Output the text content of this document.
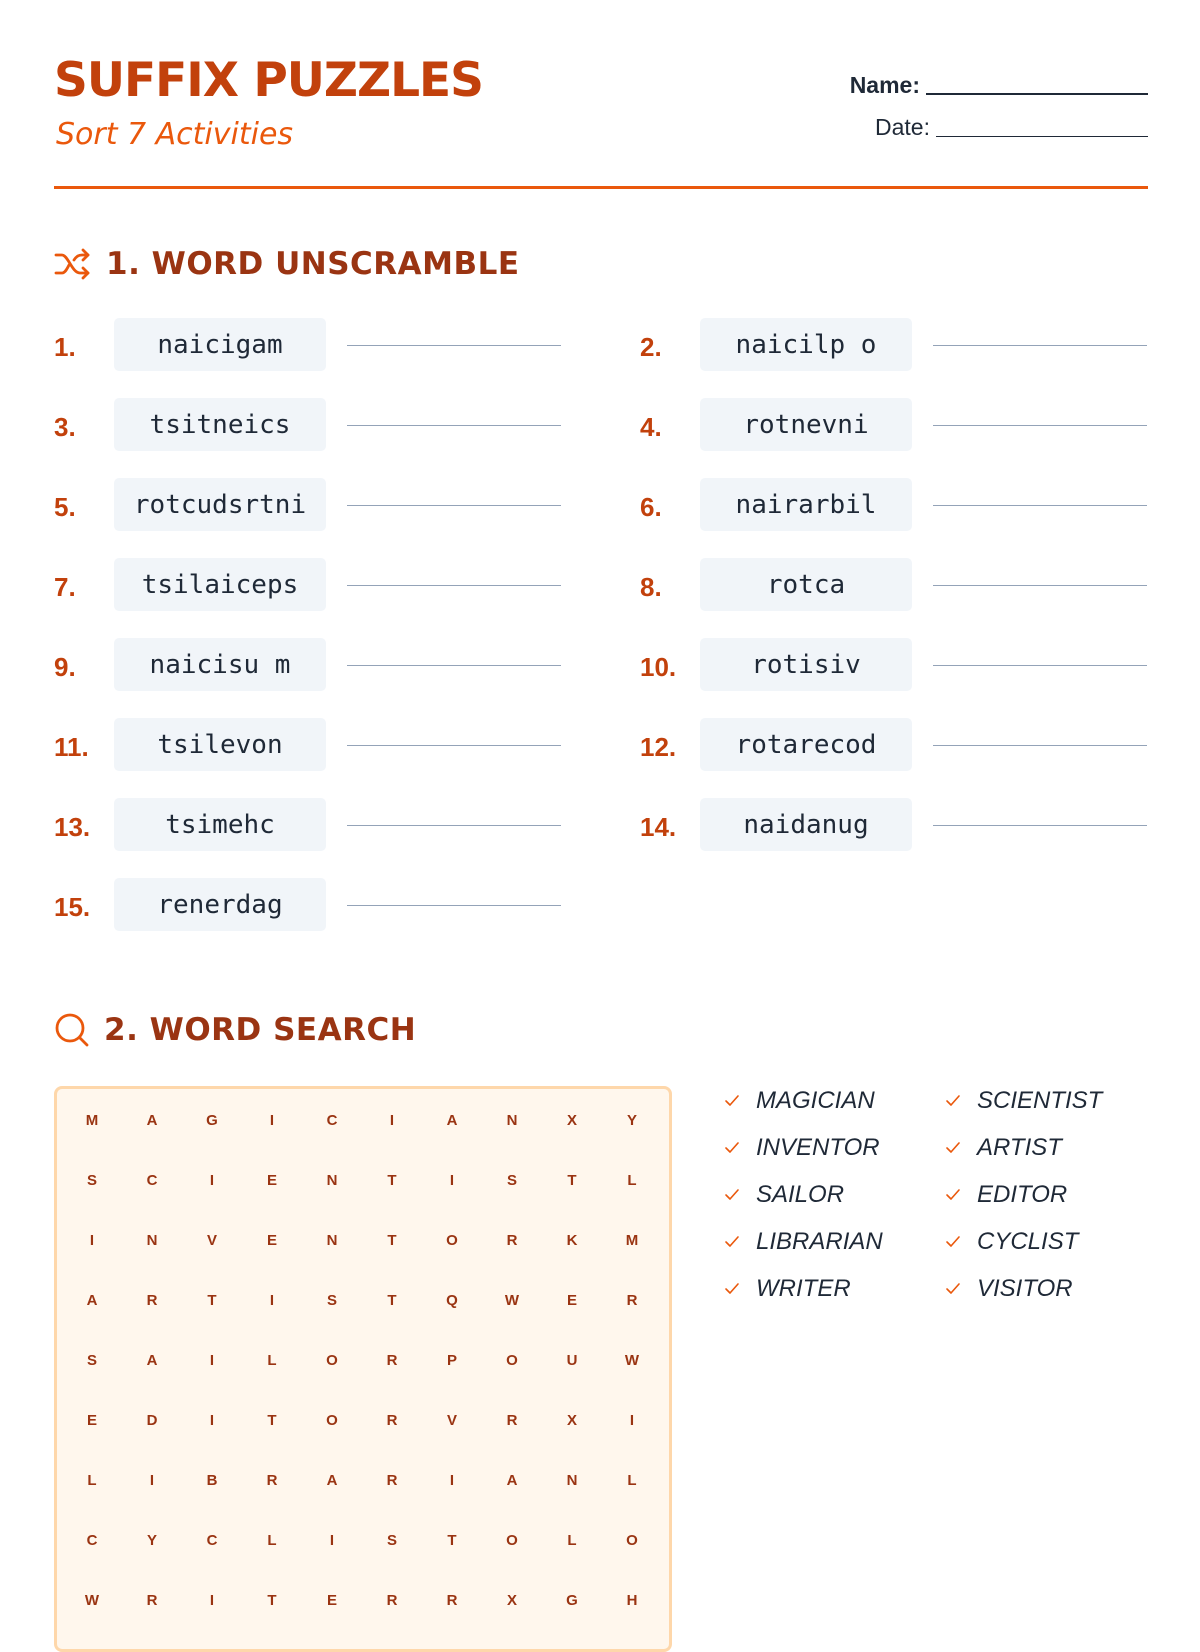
SUFFIX PUZZLES
Sort 7 Activities
Name:
Date:
1. WORD UNSCRAMBLE
1.	naicigam	2.	naicilp o
3.	tsitneics	4.	rotnevni
5.	rotcudsrtni	6.	nairarbil
7.	tsilaiceps	8.	rotca
9.	naicisu m	10.	rotisiv
11.	tsilevon	12.	rotarecod
13.	tsimehc	14.	naidanug
15.	renerdag
2. WORD SEARCH
M	A	G	I	C	I	A	N	X	Y
S	C	I	E	N	T	I	S	T	L
I	N	V	E	N	T	O	R	K	M
A	R	T	I	S	T	Q	W	E	R
S	A	I	L	O	R	P	O	U	W
E	D	I	T	O	R	V	R	X	I
L	I	B	R	A	R	I	A	N	L
C	Y	C	L	I	S	T	O	L	O
W	R	I	T	E	R	R	X	G	H
MAGICIAN	SCIENTIST
INVENTOR	ARTIST
SAILOR	EDITOR
LIBRARIAN	CYCLIST
WRITER	VISITOR
